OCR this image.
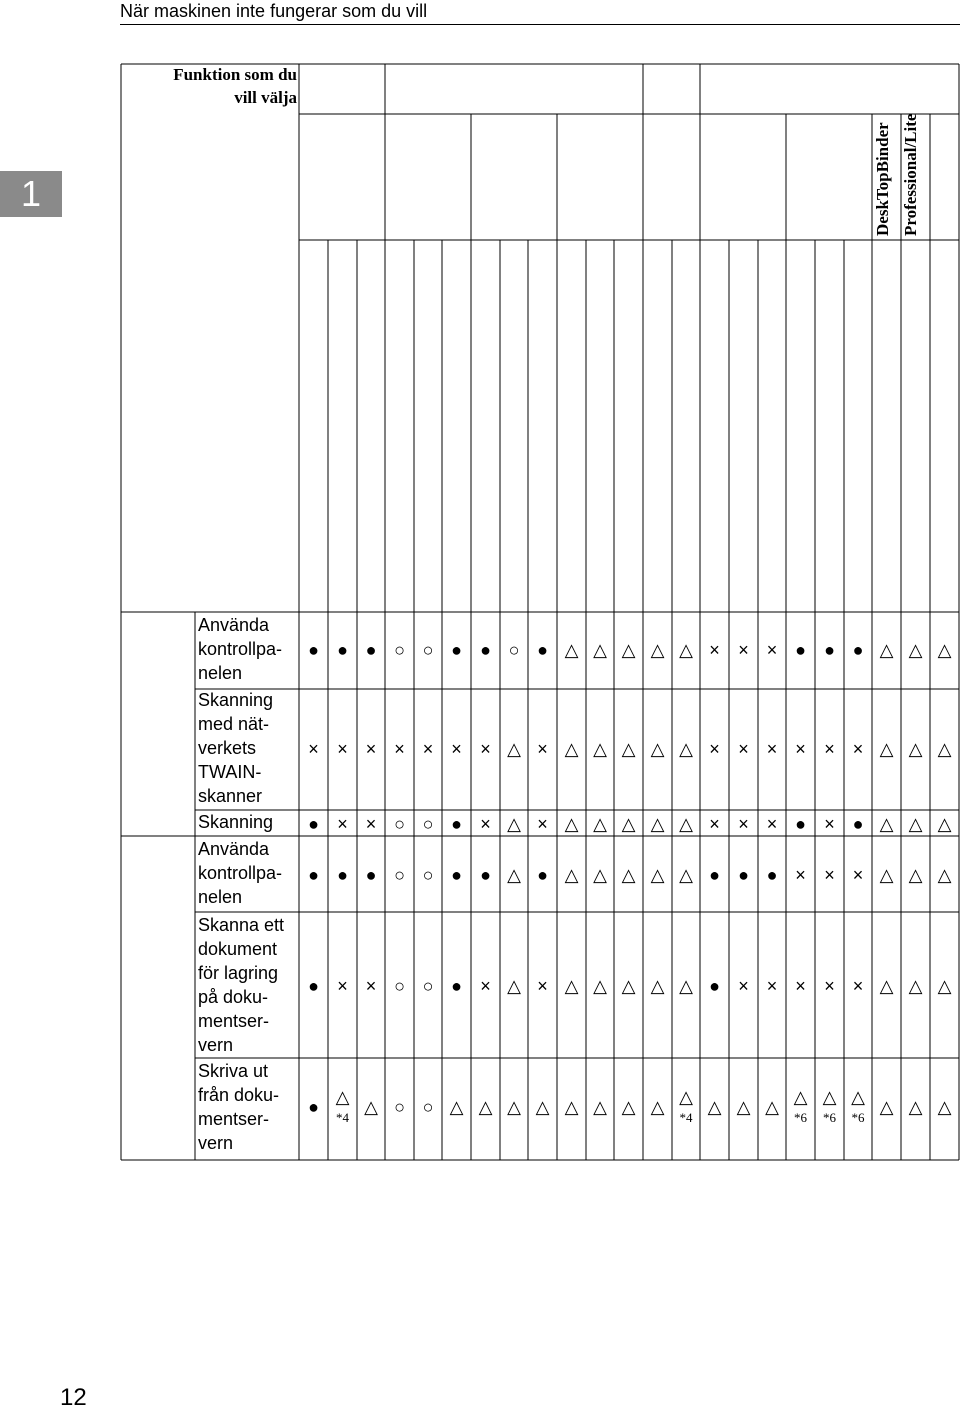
När maskinen inte fungerar som du vill
1
12
Funktion som du
vill välja
DeskTopBinder Professional/Lite
Använda
kontrollpa-
nelen
Skanning
med nät-
verkets
TWAIN-
skanner
Skanning
Använda
kontrollpa-
nelen
Skanna ett
dokument
för lagring
på doku-
mentser-
vern
Skriva ut
från doku-
mentser-
vern
● ● ● ○ ○ ● ● ○ ● △ △ △ △ △ × × × ● ● ● △ △ △
× × × × × × × △ × △ △ △ △ △ × × × × × × △ △ △
● × × ○ ○ ● × △ × △ △ △ △ △ × × × ● × ● △ △ △
● ● ● ○ ○ ● ● △ ● △ △ △ △ △ ● ● ● × × × △ △ △
● × × ○ ○ ● × △ × △ △ △ △ △ ● × × × × × △ △ △
● △
*4
△ ○ ○ △ △ △ △ △ △ △ △ △
*4
△ △ △ △
*6
△
*6
△
*6
△ △ △
